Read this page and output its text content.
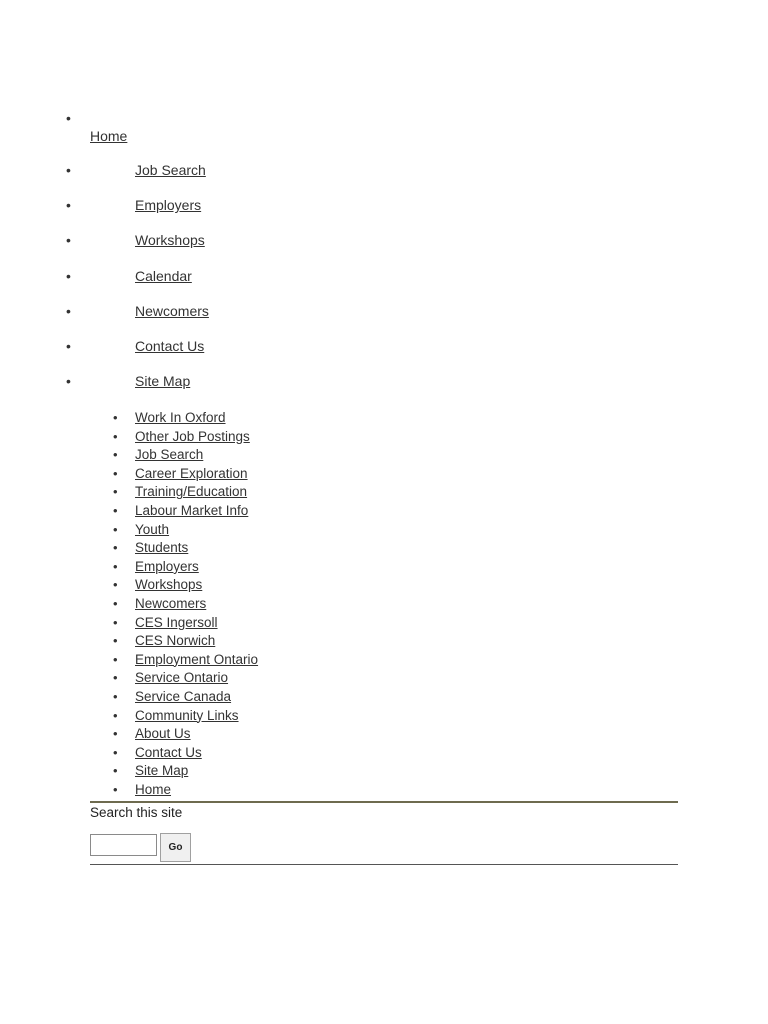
•
Home
•	Job Search
•	Employers
•	Workshops
•	Calendar
•	Newcomers
•	Contact Us
•	Site Map
• Work In Oxford
• Other Job Postings
• Job Search
• Career Exploration
• Training/Education
• Labour Market Info
• Youth
• Students
• Employers
• Workshops
• Newcomers
• CES Ingersoll
• CES Norwich
• Employment Ontario
• Service Ontario
• Service Canada
• Community Links
• About Us
• Contact Us
• Site Map
• Home
Search this site
Go
